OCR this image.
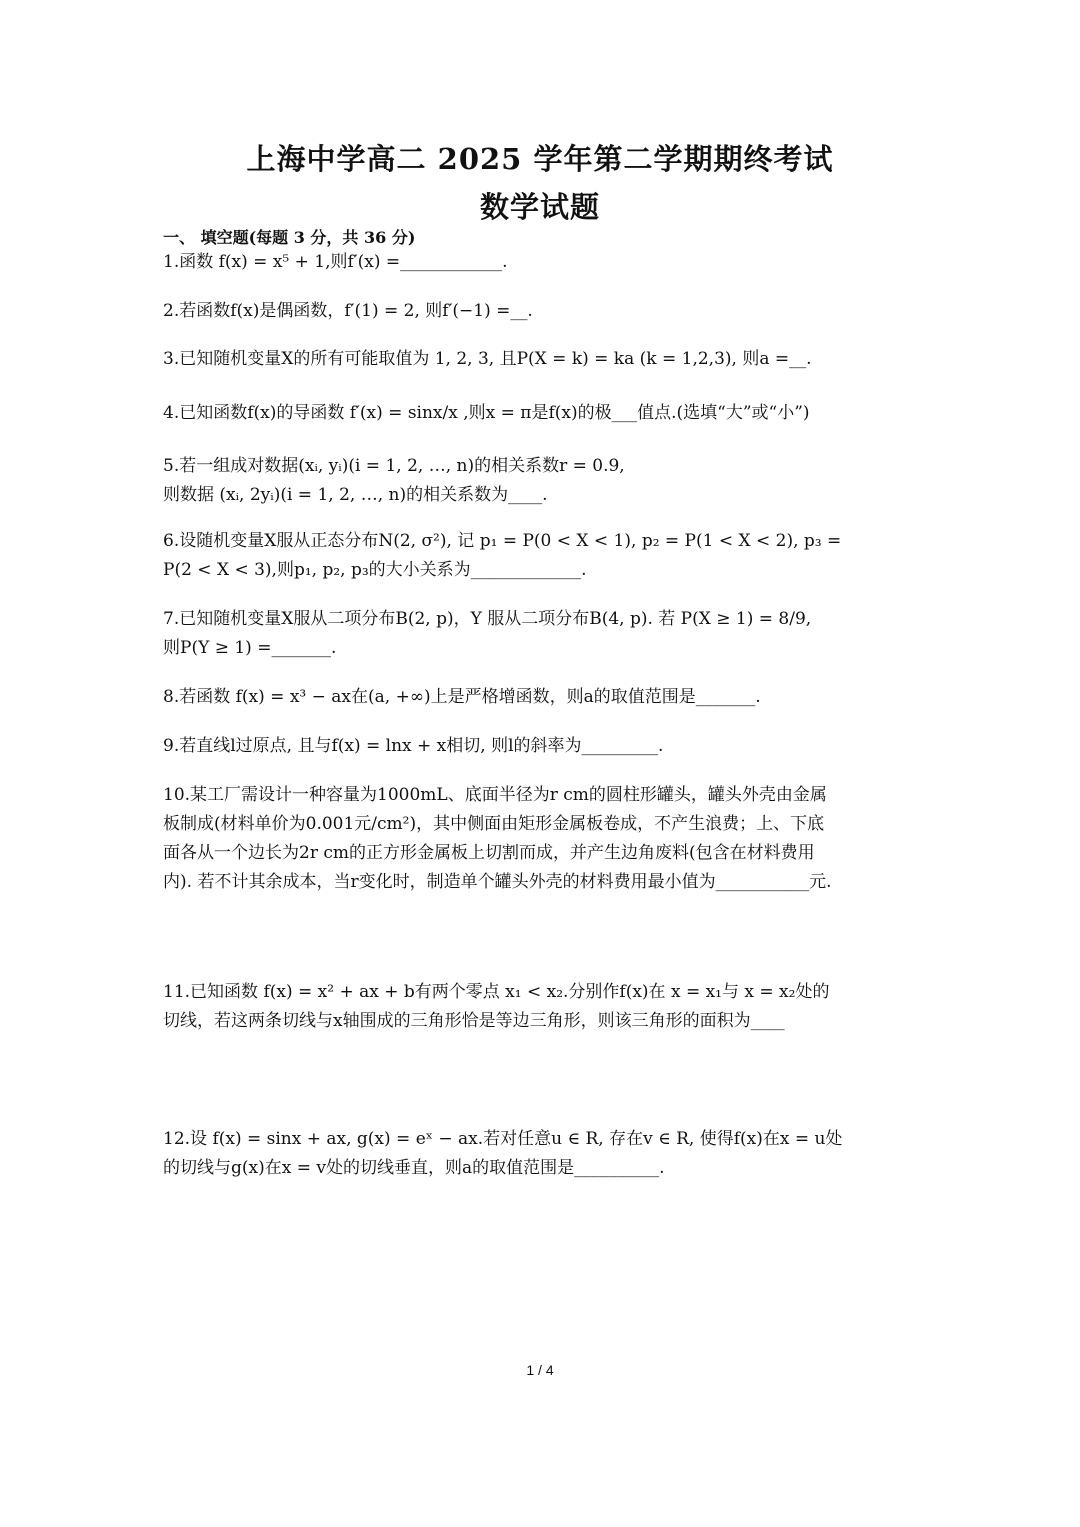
上海中学高二 2025 学年第二学期期终考试
数学试题
一、 填空题(每题 3 分，共 36 分)
1.函数 f(x) = x⁵ + 1,则f′(x) =____________.
2.若函数f(x)是偶函数，f′(1) = 2, 则f′(−1) =__.
3.已知随机变量X的所有可能取值为 1, 2, 3, 且P(X = k) = ka (k = 1,2,3), 则a =__.
4.已知函数f(x)的导函数 f′(x) = sinx/x ,则x = π是f(x)的极___值点.(选填“大”或“小”)
5.若一组成对数据(xᵢ, yᵢ)(i = 1, 2, …, n)的相关系数r = 0.9,
则数据 (xᵢ, 2yᵢ)(i = 1, 2, …, n)的相关系数为____.
6.设随机变量X服从正态分布N(2, σ²), 记 p₁ = P(0 < X < 1), p₂ = P(1 < X < 2), p₃ =
P(2 < X < 3),则p₁, p₂, p₃的大小关系为_____________.
7.已知随机变量X服从二项分布B(2, p)，Y 服从二项分布B(4, p). 若 P(X ≥ 1) = 8/9,
则P(Y ≥ 1) =_______.
8.若函数 f(x) = x³ − ax在(a, +∞)上是严格增函数，则a的取值范围是_______.
9.若直线l过原点, 且与f(x) = lnx + x相切, 则l的斜率为_________.
10.某工厂需设计一种容量为1000mL、底面半径为r cm的圆柱形罐头，罐头外壳由金属
板制成(材料单价为0.001元/cm²)，其中侧面由矩形金属板卷成，不产生浪费；上、下底
面各从一个边长为2r cm的正方形金属板上切割而成，并产生边角废料(包含在材料费用
内). 若不计其余成本，当r变化时，制造单个罐头外壳的材料费用最小值为___________元.
11.已知函数 f(x) = x² + ax + b有两个零点 x₁ < x₂.分别作f(x)在 x = x₁与 x = x₂处的
切线，若这两条切线与x轴围成的三角形恰是等边三角形，则该三角形的面积为____
12.设 f(x) = sinx + ax, g(x) = eˣ − ax.若对任意u ∈ R, 存在v ∈ R, 使得f(x)在x = u处
的切线与g(x)在x = v处的切线垂直，则a的取值范围是__________.
1 / 4
